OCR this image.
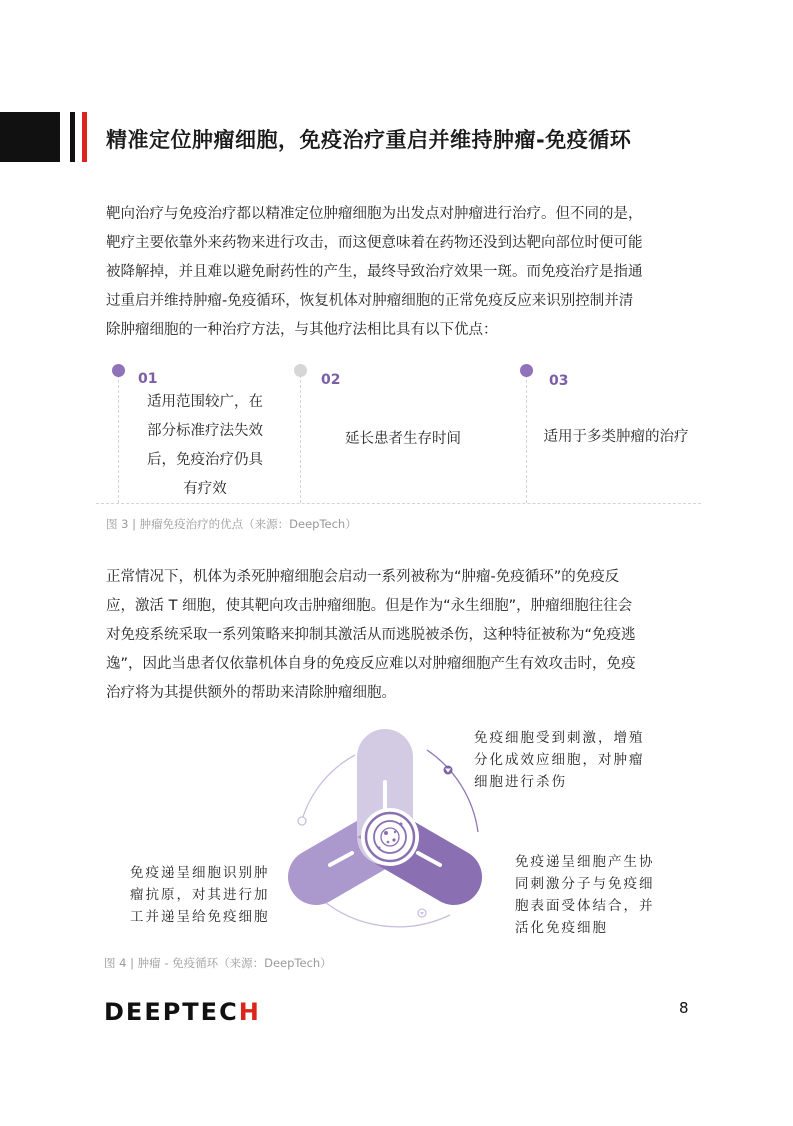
精准定位肿瘤细胞，免疫治疗重启并维持肿瘤-免疫循环

靶向治疗与免疫治疗都以精准定位肿瘤细胞为出发点对肿瘤进行治疗。但不同的是，

靶疗主要依靠外来药物来进行攻击，而这便意味着在药物还没到达靶向部位时便可能

被降解掉，并且难以避免耐药性的产生，最终导致治疗效果一斑。而免疫治疗是指通

过重启并维持肿瘤-免疫循环，恢复机体对肿瘤细胞的正常免疫反应来识别控制并清

除肿瘤细胞的一种治疗方法，与其他疗法相比具有以下优点：

01	02	03
适用范围较广，在
部分标准疗法失效
后，免疫治疗仍具
有疗效
延长患者生存时间	适用于多类肿瘤的治疗
图 3 | 肿瘤免疫治疗的优点（来源：DeepTech）

正常情况下，机体为杀死肿瘤细胞会启动一系列被称为“肿瘤-免疫循环”的免疫反

应，激活 T 细胞，使其靶向攻击肿瘤细胞。但是作为“永生细胞”，肿瘤细胞往往会

对免疫系统采取一系列策略来抑制其激活从而逃脱被杀伤，这种特征被称为“免疫逃

逸”，因此当患者仅依靠机体自身的免疫反应难以对肿瘤细胞产生有效攻击时，免疫

治疗将为其提供额外的帮助来清除肿瘤细胞。

免疫细胞受到刺激，增殖

分化成效应细胞，对肿瘤

细胞进行杀伤

免疫递呈细胞识别肿

瘤抗原，对其进行加

工并递呈给免疫细胞

免疫递呈细胞产生协

同刺激分子与免疫细

胞表面受体结合，并

活化免疫细胞

图 4 | 肿瘤 - 免疫循环（来源：DeepTech）
DEEPTECH	8
